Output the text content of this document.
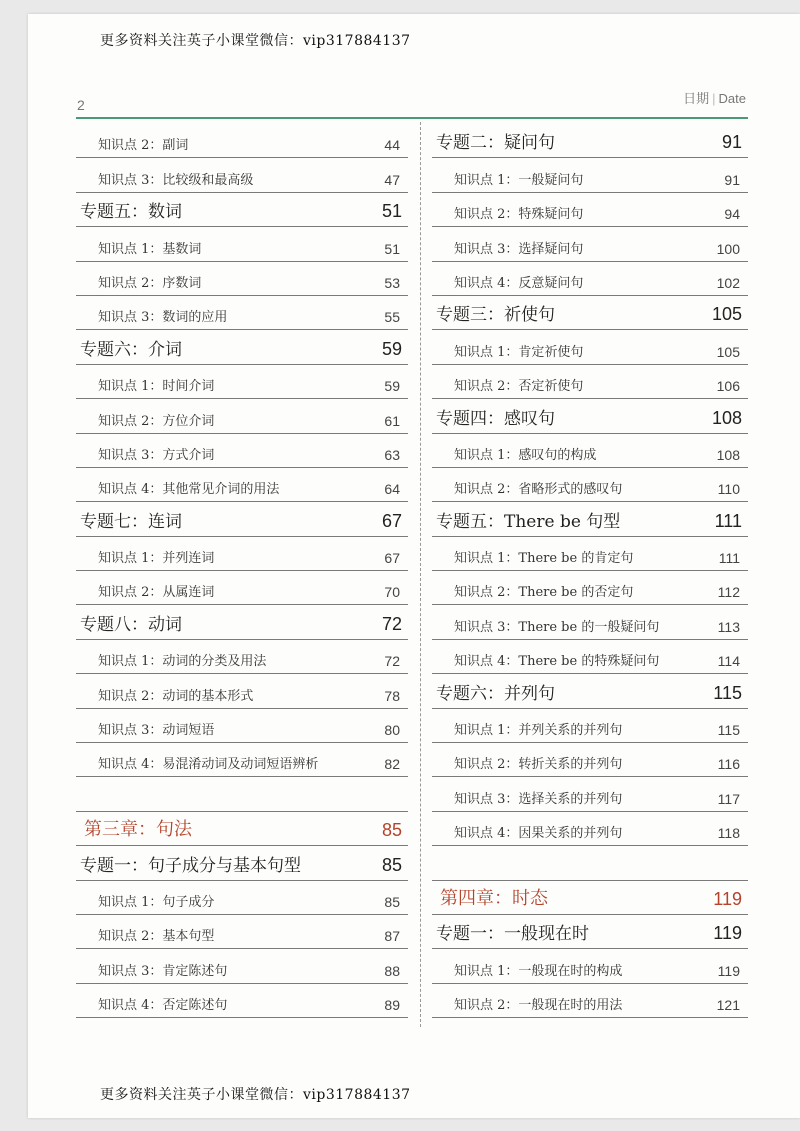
更多资料关注英子小课堂微信：vip317884137
2	日期 | Date
知识点 2：副词	44
知识点 3：比较级和最高级	47
专题五：数词	51
知识点 1：基数词	51
知识点 2：序数词	53
知识点 3：数词的应用	55
专题六：介词	59
知识点 1：时间介词	59
知识点 2：方位介词	61
知识点 3：方式介词	63
知识点 4：其他常见介词的用法	64
专题七：连词	67
知识点 1：并列连词	67
知识点 2：从属连词	70
专题八：动词	72
知识点 1：动词的分类及用法	72
知识点 2：动词的基本形式	78
知识点 3：动词短语	80
知识点 4：易混淆动词及动词短语辨析	82
第三章：句法	85
专题一：句子成分与基本句型	85
知识点 1：句子成分	85
知识点 2：基本句型	87
知识点 3：肯定陈述句	88
知识点 4：否定陈述句	89
专题二：疑问句	91
知识点 1：一般疑问句	91
知识点 2：特殊疑问句	94
知识点 3：选择疑问句	100
知识点 4：反意疑问句	102
专题三：祈使句	105
知识点 1：肯定祈使句	105
知识点 2：否定祈使句	106
专题四：感叹句	108
知识点 1：感叹句的构成	108
知识点 2：省略形式的感叹句	110
专题五：There be 句型	111
知识点 1：There be 的肯定句	111
知识点 2：There be 的否定句	112
知识点 3：There be 的一般疑问句	113
知识点 4：There be 的特殊疑问句	114
专题六：并列句	115
知识点 1：并列关系的并列句	115
知识点 2：转折关系的并列句	116
知识点 3：选择关系的并列句	117
知识点 4：因果关系的并列句	118
第四章：时态	119
专题一：一般现在时	119
知识点 1：一般现在时的构成	119
知识点 2：一般现在时的用法	121
更多资料关注英子小课堂微信：vip317884137
